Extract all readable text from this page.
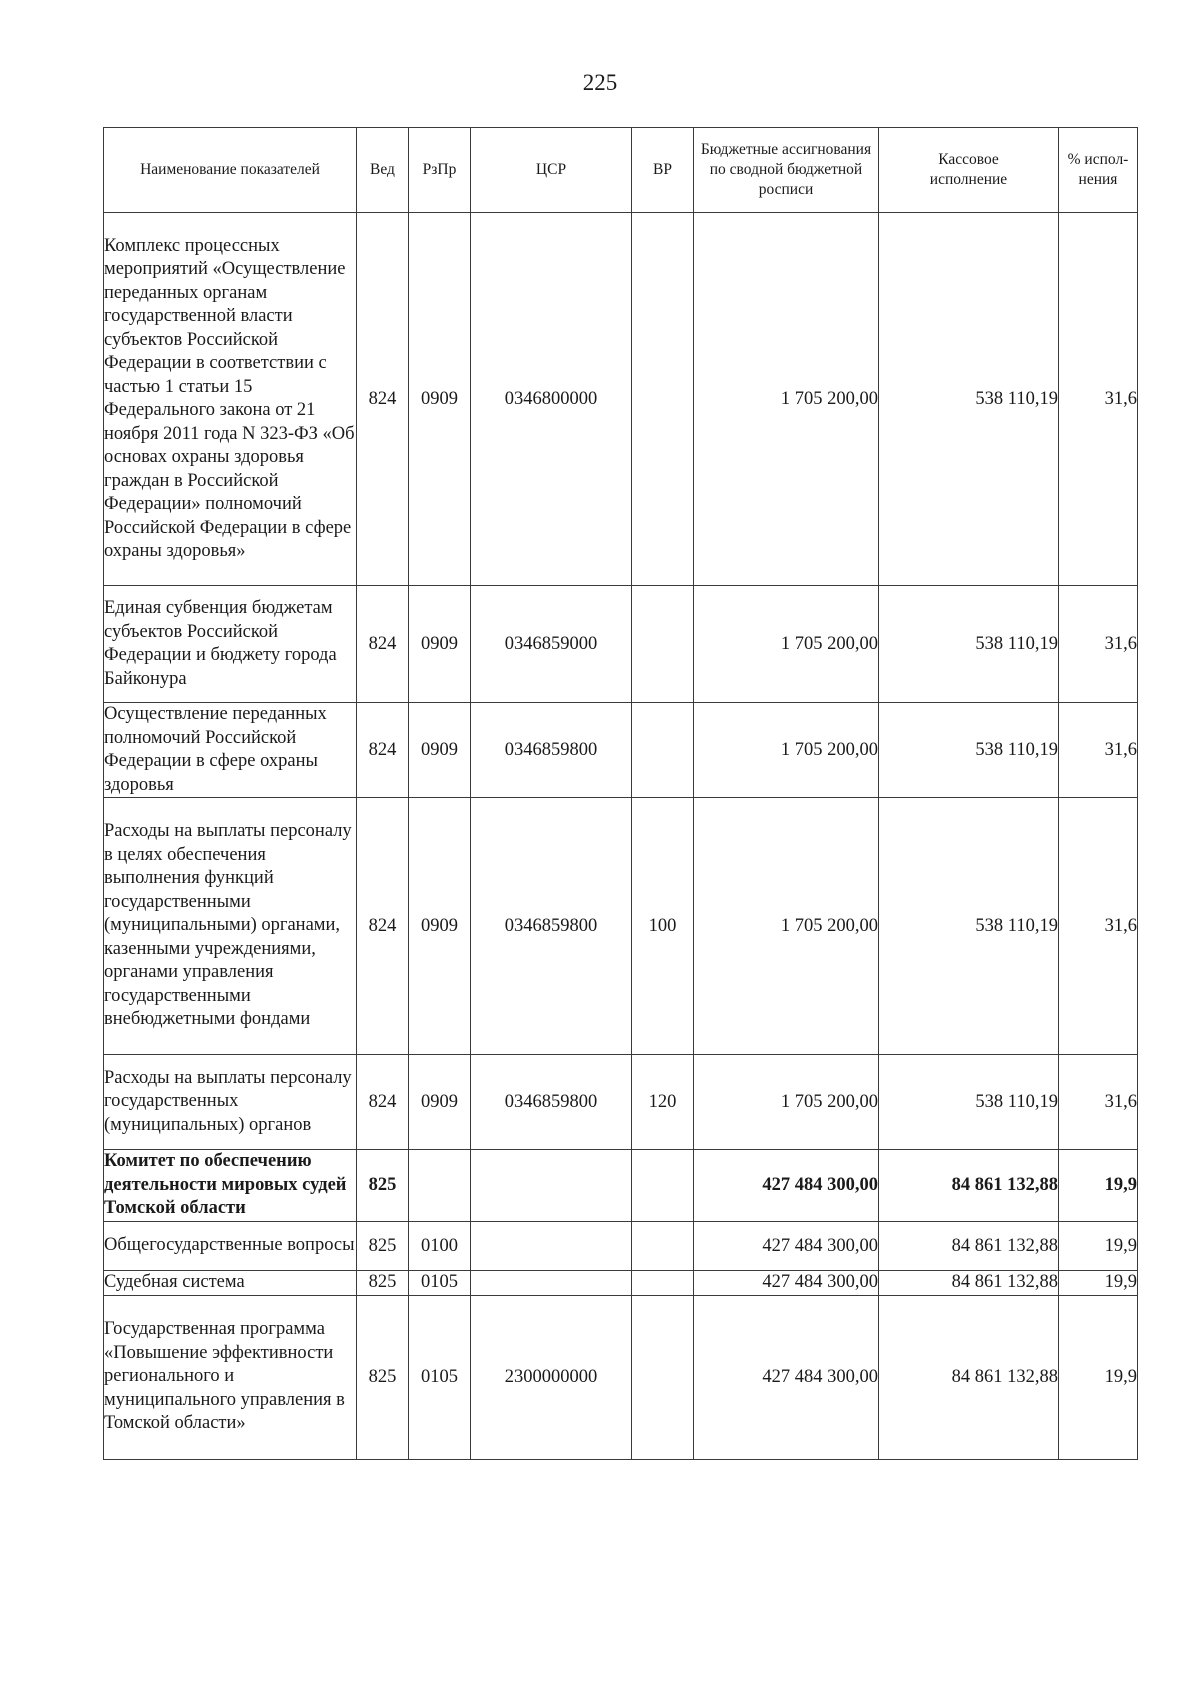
225
Наименование показателей	Вед	РзПр	ЦСР	ВР	Бюджетные ассигнования по сводной бюджетной росписи	Кассовое исполнение	% испол-нения
Комплекс процессных мероприятий «Осуществление переданных органам государственной власти субъектов Российской Федерации в соответствии с частью 1 статьи 15 Федерального закона от 21 ноября 2011 года N 323-ФЗ «Об основах охраны здоровья граждан в Российской Федерации» полномочий Российской Федерации в сфере охраны здоровья»	824	0909	0346800000		1 705 200,00	538 110,19	31,6
Единая субвенция бюджетам субъектов Российской Федерации и бюджету города Байконура	824	0909	0346859000		1 705 200,00	538 110,19	31,6
Осуществление переданных полномочий Российской Федерации в сфере охраны здоровья	824	0909	0346859800		1 705 200,00	538 110,19	31,6
Расходы на выплаты персоналу в целях обеспечения выполнения функций государственными (муниципальными) органами, казенными учреждениями, органами управления государственными внебюджетными фондами	824	0909	0346859800	100	1 705 200,00	538 110,19	31,6
Расходы на выплаты персоналу государственных (муниципальных) органов	824	0909	0346859800	120	1 705 200,00	538 110,19	31,6
Комитет по обеспечению деятельности мировых судей Томской области	825				427 484 300,00	84 861 132,88	19,9
Общегосударственные вопросы	825	0100			427 484 300,00	84 861 132,88	19,9
Судебная система	825	0105			427 484 300,00	84 861 132,88	19,9
Государственная программа «Повышение эффективности регионального и муниципального управления в Томской области»	825	0105	2300000000		427 484 300,00	84 861 132,88	19,9
